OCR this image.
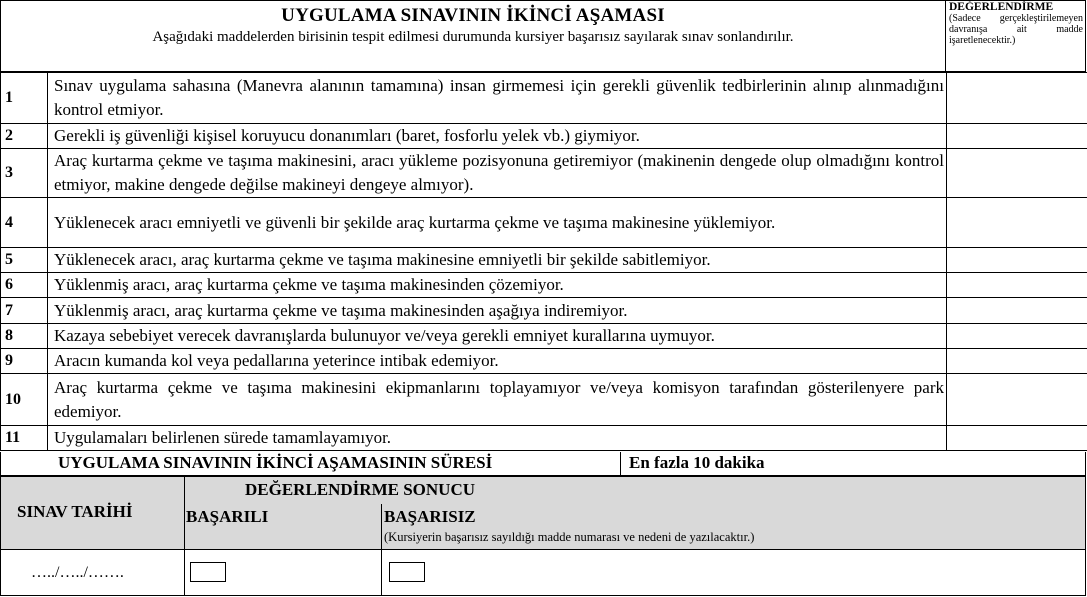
UYGULAMA SINAVININ İKİNCİ AŞAMASI
Aşağıdaki maddelerden birisinin tespit edilmesi durumunda kursiyer başarısız sayılarak sınav sonlandırılır.
DEĞERLENDİRME
(Sadece gerçekleştirilemeyen davranışa ait madde işaretlenecektir.)
1	Sınav uygulama sahasına (Manevra alanının tamamına) insan girmemesi için gerekli güvenlik tedbirlerinin alınıp alınmadığını kontrol etmiyor.	
2	Gerekli iş güvenliği kişisel koruyucu donanımları (baret, fosforlu yelek vb.) giymiyor.	
3	Araç kurtarma çekme ve taşıma makinesini, aracı yükleme pozisyonuna getiremiyor (makinenin dengede olup olmadığını kontrol etmiyor, makine dengede değilse makineyi dengeye almıyor).	
4	Yüklenecek aracı emniyetli ve güvenli bir şekilde araç kurtarma çekme ve taşıma makinesine yüklemiyor.	
5	Yüklenecek aracı, araç kurtarma çekme ve taşıma makinesine emniyetli bir şekilde sabitlemiyor.	
6	Yüklenmiş aracı, araç kurtarma çekme ve taşıma makinesinden çözemiyor.	
7	Yüklenmiş aracı, araç kurtarma çekme ve taşıma makinesinden aşağıya indiremiyor.	
8	Kazaya sebebiyet verecek davranışlarda bulunuyor ve/veya gerekli emniyet kurallarına uymuyor.	
9	Aracın kumanda kol veya pedallarına yeterince intibak edemiyor.	
10	Araç kurtarma çekme ve taşıma makinesini ekipmanlarını toplayamıyor ve/veya komisyon tarafından gösterilenyere park edemiyor.	
11	Uygulamaları belirlenen sürede tamamlayamıyor.	
UYGULAMA SINAVININ İKİNCİ AŞAMASININ SÜRESİ	En fazla 10 dakika
SINAV TARİHİ
DEĞERLENDİRME SONUCU
BAŞARILI	BAŞARISIZ
(Kursiyerin başarısız sayıldığı madde numarası ve nedeni de yazılacaktır.)
…../…../…….
